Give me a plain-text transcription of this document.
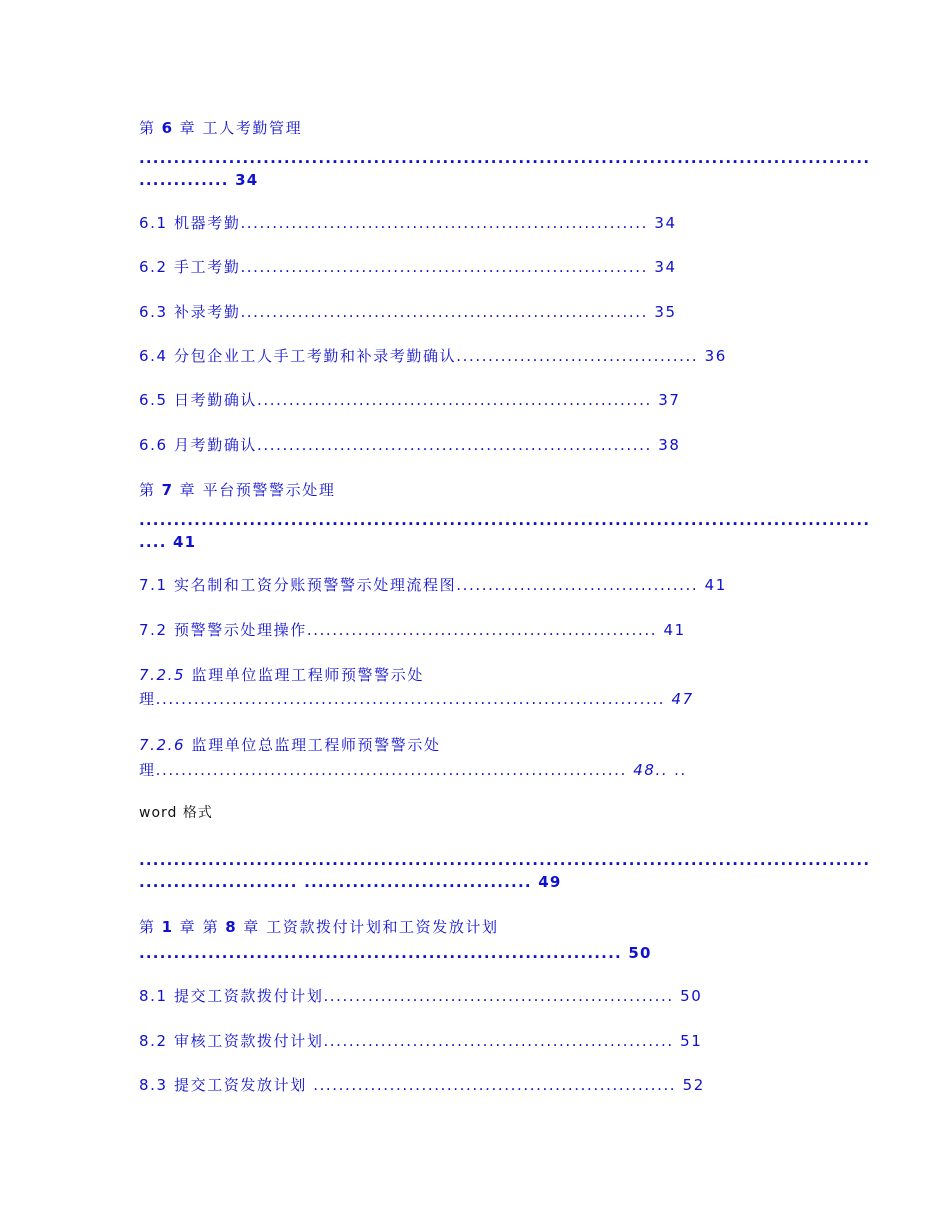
第 6 章 工人考勤管理
..........................................................................................................
............. 34
6.1 机器考勤................................................................ 34
6.2 手工考勤................................................................ 34
6.3 补录考勤................................................................ 35
6.4 分包企业工人手工考勤和补录考勤确认...................................... 36
6.5 日考勤确认.............................................................. 37
6.6 月考勤确认.............................................................. 38
第 7 章 平台预警警示处理
..........................................................................................................
.... 41
7.1 实名制和工资分账预警警示处理流程图...................................... 41
7.2 预警警示处理操作....................................................... 41
7.2.5 监理单位监理工程师预警警示处
理................................................................................ 47
7.2.6 监理单位总监理工程师预警警示处
理.......................................................................... 48.. ..
word 格式
..........................................................................................................
....................... ................................. 49
第 1 章 第 8 章 工资款拨付计划和工资发放计划
...................................................................... 50
8.1 提交工资款拨付计划....................................................... 50
8.2 审核工资款拨付计划....................................................... 51
8.3 提交工资发放计划 ......................................................... 52
